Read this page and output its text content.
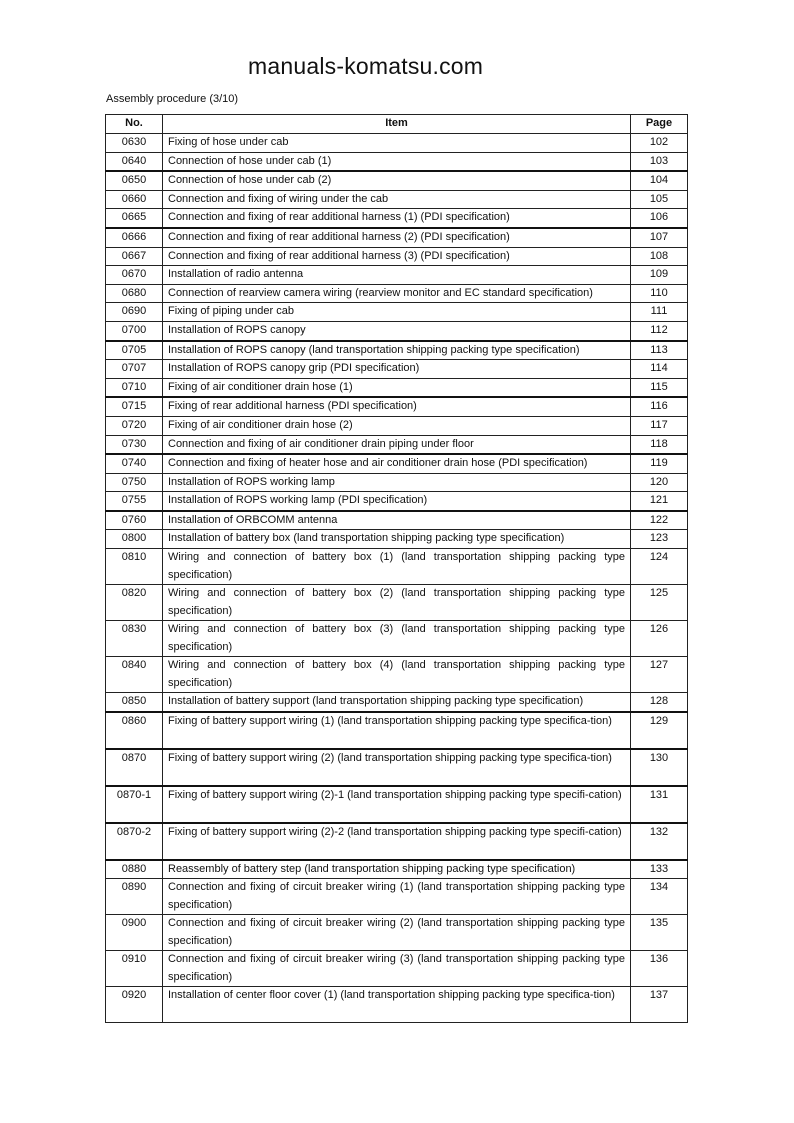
manuals-komatsu.com
Assembly procedure (3/10)
No.	Item	Page
0630	Fixing of hose under cab	102
0640	Connection of hose under cab (1)	103
0650	Connection of hose under cab (2)	104
0660	Connection and fixing of wiring under the cab	105
0665	Connection and fixing of rear additional harness (1) (PDI specification)	106
0666	Connection and fixing of rear additional harness (2) (PDI specification)	107
0667	Connection and fixing of rear additional harness (3) (PDI specification)	108
0670	Installation of radio antenna	109
0680	Connection of rearview camera wiring (rearview monitor and EC standard specification)	110
0690	Fixing of piping under cab	111
0700	Installation of ROPS canopy	112
0705	Installation of ROPS canopy (land transportation shipping packing type specification)	113
0707	Installation of ROPS canopy grip (PDI specification)	114
0710	Fixing of air conditioner drain hose (1)	115
0715	Fixing of rear additional harness (PDI specification)	116
0720	Fixing of air conditioner drain hose (2)	117
0730	Connection and fixing of air conditioner drain piping under floor	118
0740	Connection and fixing of heater hose and air conditioner drain hose (PDI specification)	119
0750	Installation of ROPS working lamp	120
0755	Installation of ROPS working lamp (PDI specification)	121
0760	Installation of ORBCOMM antenna	122
0800	Installation of battery box (land transportation shipping packing type specification)	123
0810	Wiring and connection of battery box (1) (land transportation shipping packing type specification)	124
0820	Wiring and connection of battery box (2) (land transportation shipping packing type specification)	125
0830	Wiring and connection of battery box (3) (land transportation shipping packing type specification)	126
0840	Wiring and connection of battery box (4) (land transportation shipping packing type specification)	127
0850	Installation of battery support (land transportation shipping packing type specification)	128
0860	Fixing of battery support wiring (1) (land transportation shipping packing type specifica-tion)	129
0870	Fixing of battery support wiring (2) (land transportation shipping packing type specifica-tion)	130
0870-1	Fixing of battery support wiring (2)-1 (land transportation shipping packing type specifi-cation)	131
0870-2	Fixing of battery support wiring (2)-2 (land transportation shipping packing type specifi-cation)	132
0880	Reassembly of battery step (land transportation shipping packing type specification)	133
0890	Connection and fixing of circuit breaker wiring (1) (land transportation shipping packing type specification)	134
0900	Connection and fixing of circuit breaker wiring (2) (land transportation shipping packing type specification)	135
0910	Connection and fixing of circuit breaker wiring (3) (land transportation shipping packing type specification)	136
0920	Installation of center floor cover (1) (land transportation shipping packing type specifica-tion)	137
